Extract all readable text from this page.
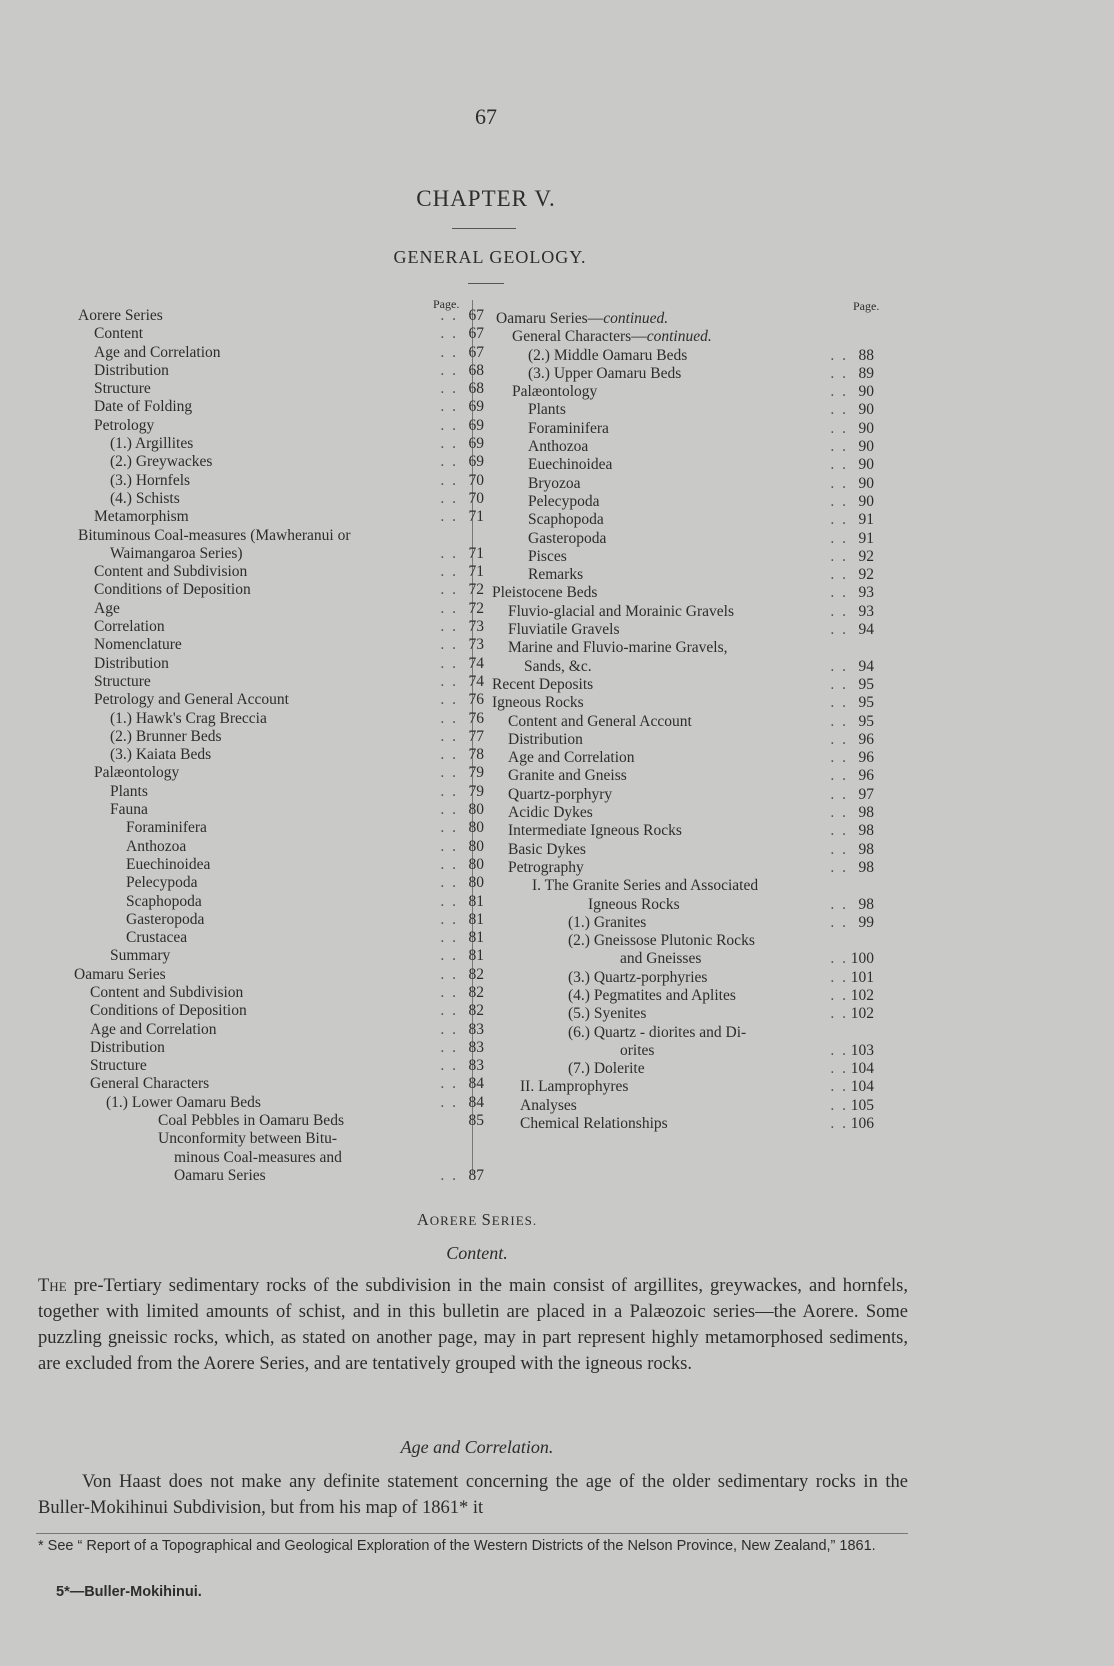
67
CHAPTER V.
GENERAL GEOLOGY.
Page.	Page.
Aorere Series	. . 67
Content	. . 67
Age and Correlation	. . 67
Distribution	. . 68
Structure	. . 68
Date of Folding	. . 69
Petrology	. . 69
(1.) Argillites	. . 69
(2.) Greywackes	. . 69
(3.) Hornfels	. . 70
(4.) Schists	. . 70
Metamorphism	. . 71
Bituminous Coal-measures (Mawheranui or
Waimangaroa Series)	. . 71
Content and Subdivision	. . 71
Conditions of Deposition	. . 72
Age	. . 72
Correlation	. . 73
Nomenclature	. . 73
Distribution	. . 74
Structure	. . 74
Petrology and General Account	. . 76
(1.) Hawk's Crag Breccia	. . 76
(2.) Brunner Beds	. . 77
(3.) Kaiata Beds	. . 78
Palæontology	. . 79
Plants	. . 79
Fauna	. . 80
Foraminifera	. . 80
Anthozoa	. . 80
Euechinoidea	. . 80
Pelecypoda	. . 80
Scaphopoda	. . 81
Gasteropoda	. . 81
Crustacea	. . 81
Summary	. . 81
Oamaru Series	. . 82
Content and Subdivision	. . 82
Conditions of Deposition	. . 82
Age and Correlation	. . 83
Distribution	. . 83
Structure	. . 83
General Characters	. . 84
(1.) Lower Oamaru Beds	. . 84
Coal Pebbles in Oamaru Beds	85
Unconformity between Bitu-
minous Coal-measures and
Oamaru Series	. . 87
Oamaru Series—continued.
General Characters—continued.
(2.) Middle Oamaru Beds	. . 88
(3.) Upper Oamaru Beds	. . 89
Palæontology	. . 90
Plants	. . 90
Foraminifera	. . 90
Anthozoa	. . 90
Euechinoidea	. . 90
Bryozoa	. . 90
Pelecypoda	. . 90
Scaphopoda	. . 91
Gasteropoda	. . 91
Pisces	. . 92
Remarks	. . 92
Pleistocene Beds	. . 93
Fluvio-glacial and Morainic Gravels	. . 93
Fluviatile Gravels	. . 94
Marine and Fluvio-marine Gravels,
Sands, &c.	. . 94
Recent Deposits	. . 95
Igneous Rocks	. . 95
Content and General Account	. . 95
Distribution	. . 96
Age and Correlation	. . 96
Granite and Gneiss	. . 96
Quartz-porphyry	. . 97
Acidic Dykes	. . 98
Intermediate Igneous Rocks	. . 98
Basic Dykes	. . 98
Petrography	. . 98
I. The Granite Series and Associated
Igneous Rocks	. . 98
(1.) Granites	. . 99
(2.) Gneissose Plutonic Rocks
and Gneisses	. . 100
(3.) Quartz-porphyries	. . 101
(4.) Pegmatites and Aplites	. . 102
(5.) Syenites	. . 102
(6.) Quartz - diorites and Di-
orites	. . 103
(7.) Dolerite	. . 104
II. Lamprophyres	. . 104
Analyses	. . 105
Chemical Relationships	. . 106
AORERE SERIES.
Content.
The pre-Tertiary sedimentary rocks of the subdivision in the main consist of argillites, greywackes, and hornfels, together with limited amounts of schist, and in this bulletin are placed in a Palæozoic series—the Aorere. Some puzzling gneissic rocks, which, as stated on another page, may in part represent highly metamorphosed sediments, are excluded from the Aorere Series, and are tentatively grouped with the igneous rocks.
Age and Correlation.
Von Haast does not make any definite statement concerning the age of the older sedimentary rocks in the Buller-Mokihinui Subdivision, but from his map of 1861* it
* See “ Report of a Topographical and Geological Exploration of the Western Districts of the Nelson Province, New Zealand,” 1861.
5*—Buller-Mokihinui.
